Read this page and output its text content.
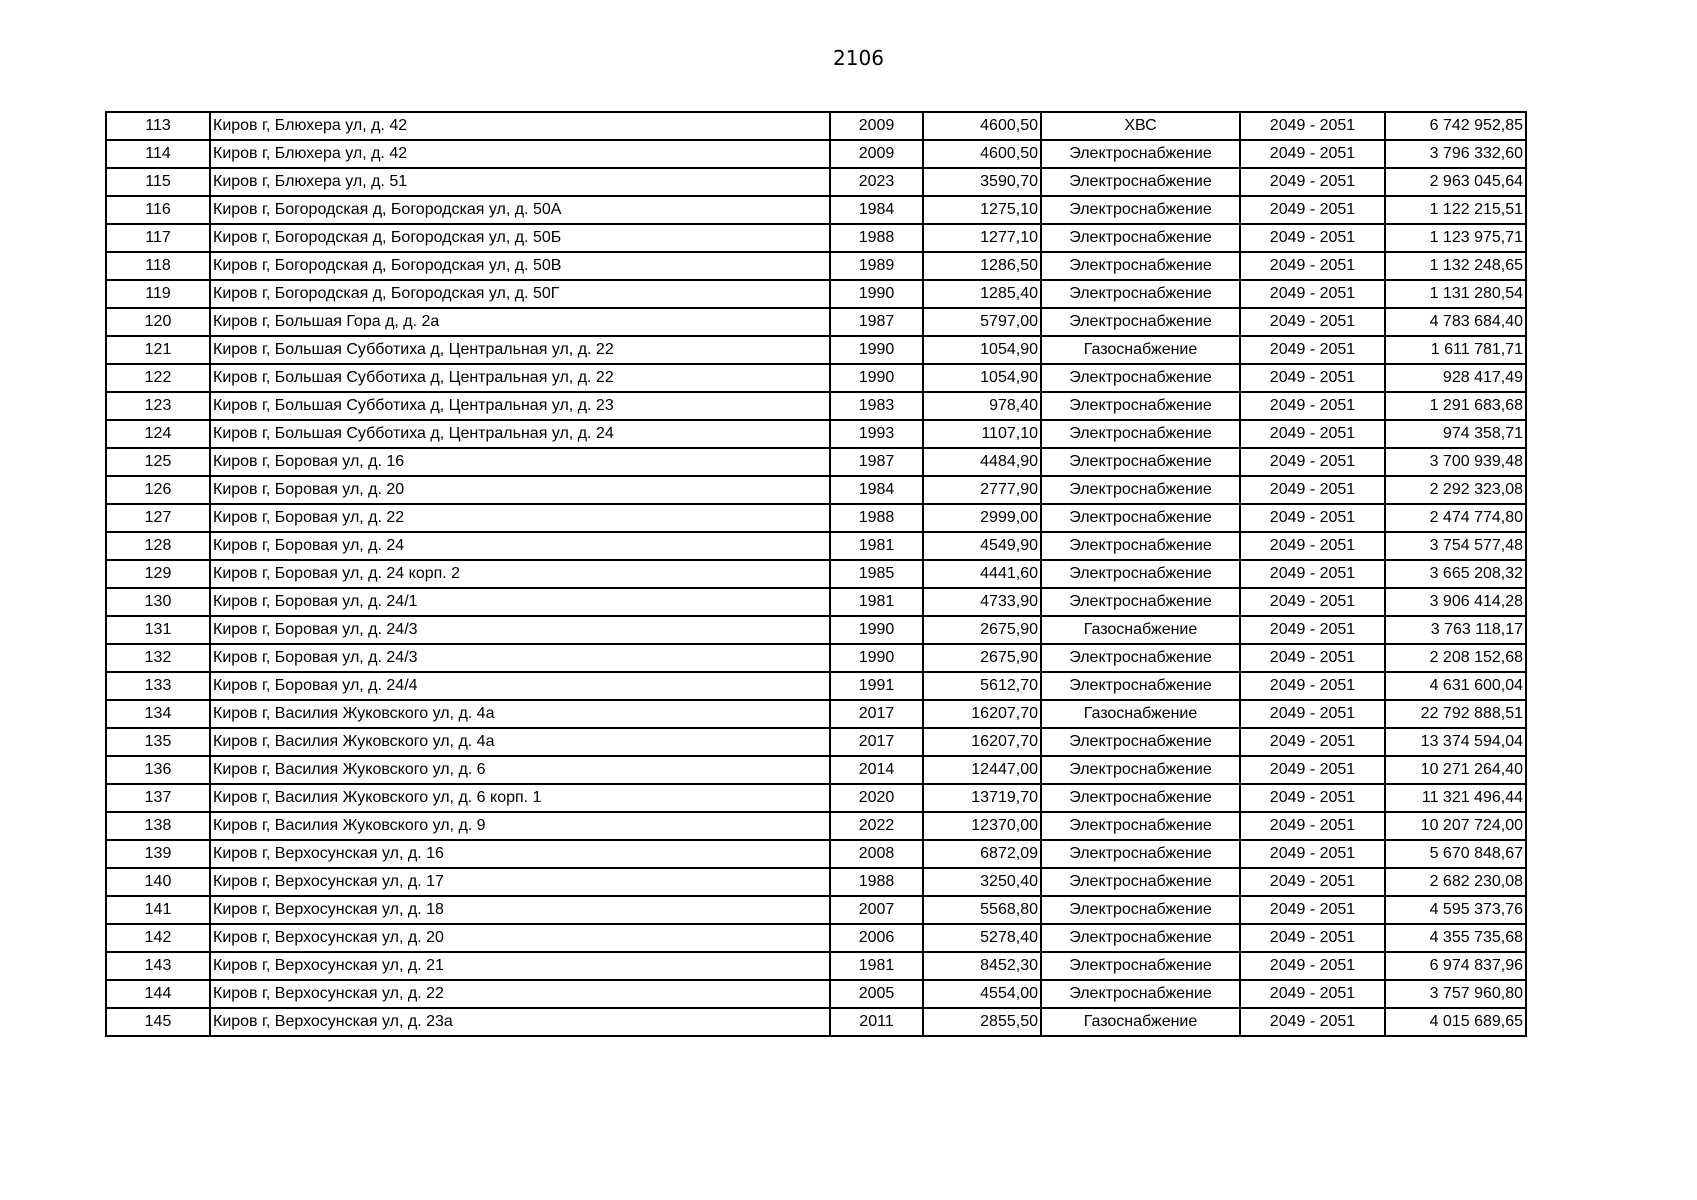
2106
113	Киров г, Блюхера ул, д. 42	2009	4600,50	ХВС	2049 - 2051	6 742 952,85
114	Киров г, Блюхера ул, д. 42	2009	4600,50	Электроснабжение	2049 - 2051	3 796 332,60
115	Киров г, Блюхера ул, д. 51	2023	3590,70	Электроснабжение	2049 - 2051	2 963 045,64
116	Киров г, Богородская д, Богородская ул, д. 50А	1984	1275,10	Электроснабжение	2049 - 2051	1 122 215,51
117	Киров г, Богородская д, Богородская ул, д. 50Б	1988	1277,10	Электроснабжение	2049 - 2051	1 123 975,71
118	Киров г, Богородская д, Богородская ул, д. 50В	1989	1286,50	Электроснабжение	2049 - 2051	1 132 248,65
119	Киров г, Богородская д, Богородская ул, д. 50Г	1990	1285,40	Электроснабжение	2049 - 2051	1 131 280,54
120	Киров г, Большая Гора д, д. 2а	1987	5797,00	Электроснабжение	2049 - 2051	4 783 684,40
121	Киров г, Большая Субботиха д, Центральная ул, д. 22	1990	1054,90	Газоснабжение	2049 - 2051	1 611 781,71
122	Киров г, Большая Субботиха д, Центральная ул, д. 22	1990	1054,90	Электроснабжение	2049 - 2051	928 417,49
123	Киров г, Большая Субботиха д, Центральная ул, д. 23	1983	978,40	Электроснабжение	2049 - 2051	1 291 683,68
124	Киров г, Большая Субботиха д, Центральная ул, д. 24	1993	1107,10	Электроснабжение	2049 - 2051	974 358,71
125	Киров г, Боровая ул, д. 16	1987	4484,90	Электроснабжение	2049 - 2051	3 700 939,48
126	Киров г, Боровая ул, д. 20	1984	2777,90	Электроснабжение	2049 - 2051	2 292 323,08
127	Киров г, Боровая ул, д. 22	1988	2999,00	Электроснабжение	2049 - 2051	2 474 774,80
128	Киров г, Боровая ул, д. 24	1981	4549,90	Электроснабжение	2049 - 2051	3 754 577,48
129	Киров г, Боровая ул, д. 24 корп. 2	1985	4441,60	Электроснабжение	2049 - 2051	3 665 208,32
130	Киров г, Боровая ул, д. 24/1	1981	4733,90	Электроснабжение	2049 - 2051	3 906 414,28
131	Киров г, Боровая ул, д. 24/3	1990	2675,90	Газоснабжение	2049 - 2051	3 763 118,17
132	Киров г, Боровая ул, д. 24/3	1990	2675,90	Электроснабжение	2049 - 2051	2 208 152,68
133	Киров г, Боровая ул, д. 24/4	1991	5612,70	Электроснабжение	2049 - 2051	4 631 600,04
134	Киров г, Василия Жуковского ул, д. 4а	2017	16207,70	Газоснабжение	2049 - 2051	22 792 888,51
135	Киров г, Василия Жуковского ул, д. 4а	2017	16207,70	Электроснабжение	2049 - 2051	13 374 594,04
136	Киров г, Василия Жуковского ул, д. 6	2014	12447,00	Электроснабжение	2049 - 2051	10 271 264,40
137	Киров г, Василия Жуковского ул, д. 6 корп. 1	2020	13719,70	Электроснабжение	2049 - 2051	11 321 496,44
138	Киров г, Василия Жуковского ул, д. 9	2022	12370,00	Электроснабжение	2049 - 2051	10 207 724,00
139	Киров г, Верхосунская ул, д. 16	2008	6872,09	Электроснабжение	2049 - 2051	5 670 848,67
140	Киров г, Верхосунская ул, д. 17	1988	3250,40	Электроснабжение	2049 - 2051	2 682 230,08
141	Киров г, Верхосунская ул, д. 18	2007	5568,80	Электроснабжение	2049 - 2051	4 595 373,76
142	Киров г, Верхосунская ул, д. 20	2006	5278,40	Электроснабжение	2049 - 2051	4 355 735,68
143	Киров г, Верхосунская ул, д. 21	1981	8452,30	Электроснабжение	2049 - 2051	6 974 837,96
144	Киров г, Верхосунская ул, д. 22	2005	4554,00	Электроснабжение	2049 - 2051	3 757 960,80
145	Киров г, Верхосунская ул, д. 23а	2011	2855,50	Газоснабжение	2049 - 2051	4 015 689,65
